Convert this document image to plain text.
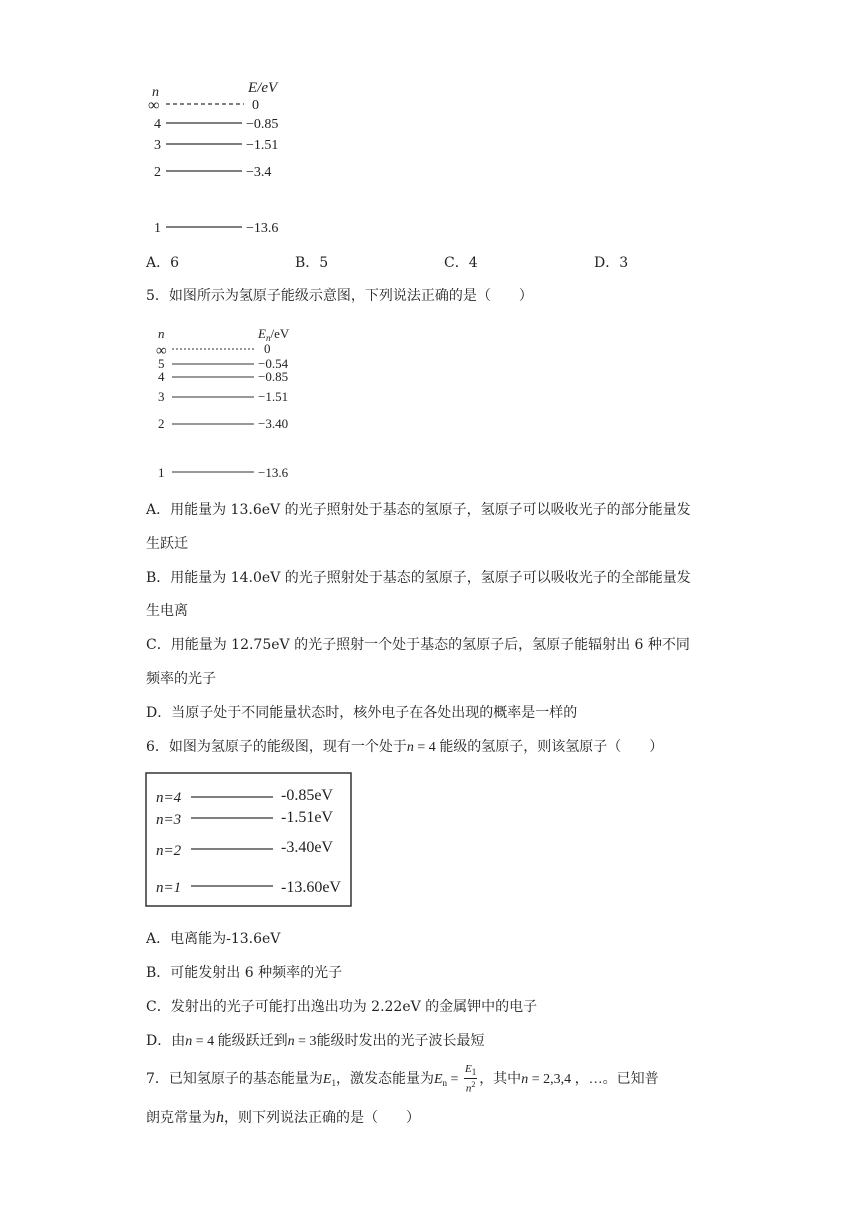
n	E/eV
∞	0
4	−0.85
3	−1.51
2	−3.4
1	−13.6
A．6	B．5	C．4	D．3
5．如图所示为氢原子能级示意图，下列说法正确的是（　　）
n	$E_n/eV$
∞	0
5	−0.54
4	−0.85
3	−1.51
2	−3.40
1	−13.6
A．用能量为 13.6eV 的光子照射处于基态的氢原子，氢原子可以吸收光子的部分能量发
生跃迁
B．用能量为 14.0eV 的光子照射处于基态的氢原子，氢原子可以吸收光子的全部能量发
生电离
C．用能量为 12.75eV 的光子照射一个处于基态的氢原子后，氢原子能辐射出 6 种不同
频率的光子
D．当原子处于不同能量状态时，核外电子在各处出现的概率是一样的
6．如图为氢原子的能级图，现有一个处于n = 4 能级的氢原子，则该氢原子（　　）
n=4	-0.85eV
n=3	-1.51eV
n=2	-3.40eV
n=1	-13.60eV
A．电离能为-13.6eV
B．可能发射出 6 种频率的光子
C．发射出的光子可能打出逸出功为 2.22eV 的金属钾中的电子
D．由n = 4 能级跃迁到n = 3能级时发出的光子波长最短
7．已知氢原子的基态能量为$E_1$，激发态能量为$E_n = \frac{E_1}{n^2}$ ，其中n = 2,3,4 ，…。已知普
朗克常量为h，则下列说法正确的是（　　）
